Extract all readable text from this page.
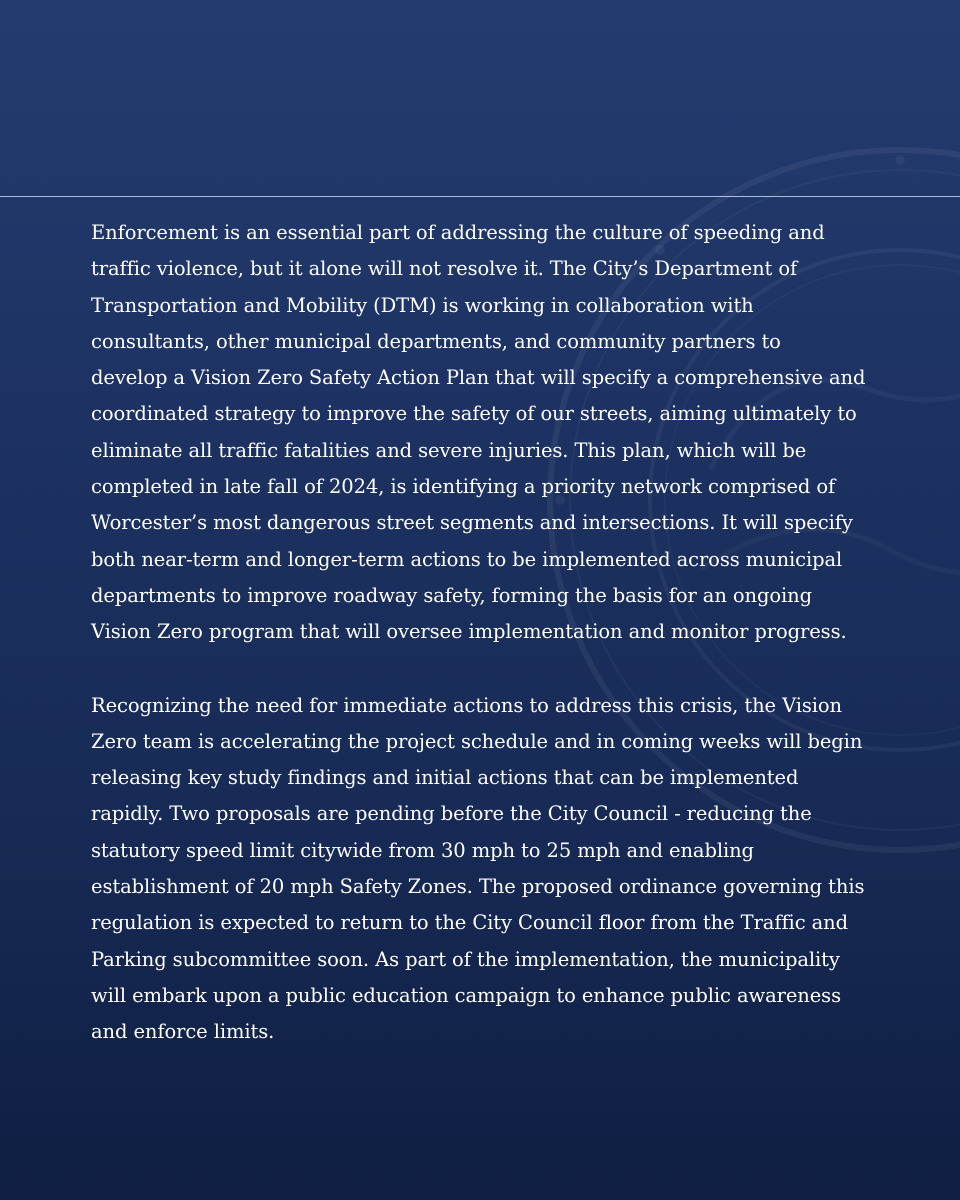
Enforcement is an essential part of addressing the culture of speeding and
traffic violence, but it alone will not resolve it. The City’s Department of
Transportation and Mobility (DTM) is working in collaboration with
consultants, other municipal departments, and community partners to
develop a Vision Zero Safety Action Plan that will specify a comprehensive and
coordinated strategy to improve the safety of our streets, aiming ultimately to
eliminate all traffic fatalities and severe injuries. This plan, which will be
completed in late fall of 2024, is identifying a priority network comprised of
Worcester’s most dangerous street segments and intersections. It will specify
both near-term and longer-term actions to be implemented across municipal
departments to improve roadway safety, forming the basis for an ongoing
Vision Zero program that will oversee implementation and monitor progress.

Recognizing the need for immediate actions to address this crisis, the Vision
Zero team is accelerating the project schedule and in coming weeks will begin
releasing key study findings and initial actions that can be implemented
rapidly. Two proposals are pending before the City Council - reducing the
statutory speed limit citywide from 30 mph to 25 mph and enabling
establishment of 20 mph Safety Zones. The proposed ordinance governing this
regulation is expected to return to the City Council floor from the Traffic and
Parking subcommittee soon. As part of the implementation, the municipality
will embark upon a public education campaign to enhance public awareness
and enforce limits.
